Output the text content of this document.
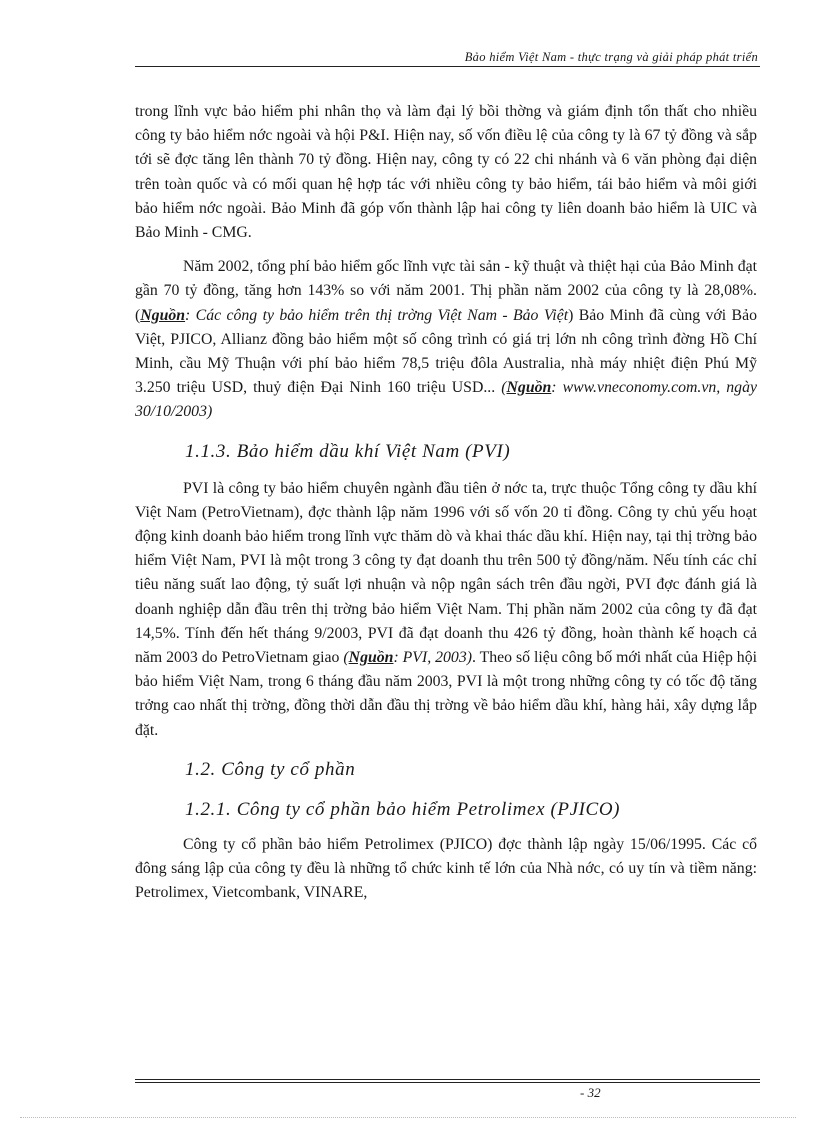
Bảo hiểm Việt Nam - thực trạng và giải pháp phát triển

trong lĩnh vực bảo hiểm phi nhân thọ và làm đại lý bồi thờng và giám định tổn thất cho nhiều công ty bảo hiểm nớc ngoài và hội P&I. Hiện nay, số vốn điều lệ của công ty là 67 tỷ đồng và sắp tới sẽ đợc tăng lên thành 70 tỷ đồng. Hiện nay, công ty có 22 chi nhánh và 6 văn phòng đại diện trên toàn quốc và có mối quan hệ hợp tác với nhiều công ty bảo hiểm, tái bảo hiểm và môi giới bảo hiểm nớc ngoài. Bảo Minh đã góp vốn thành lập hai công ty liên doanh bảo hiểm là UIC và Bảo Minh - CMG.

Năm 2002, tổng phí bảo hiểm gốc lĩnh vực tài sản - kỹ thuật và thiệt hại của Bảo Minh đạt gần 70 tỷ đồng, tăng hơn 143% so với năm 2001. Thị phần năm 2002 của công ty là 28,08%. (Nguồn: Các công ty bảo hiểm trên thị trờng Việt Nam - Bảo Việt) Bảo Minh đã cùng với Bảo Việt, PJICO, Allianz đồng bảo hiểm một số công trình có giá trị lớn nh công trình đờng Hồ Chí Minh, cầu Mỹ Thuận với phí bảo hiểm 78,5 triệu đôla Australia, nhà máy nhiệt điện Phú Mỹ 3.250 triệu USD, thuỷ điện Đại Ninh 160 triệu USD... (Nguồn: www.vneconomy.com.vn, ngày 30/10/2003)

1.1.3. Bảo hiểm dầu khí Việt Nam (PVI)

PVI là công ty bảo hiểm chuyên ngành đầu tiên ở nớc ta, trực thuộc Tổng công ty dầu khí Việt Nam (PetroVietnam), đợc thành lập năm 1996 với số vốn 20 tỉ đồng. Công ty chủ yếu hoạt động kinh doanh bảo hiểm trong lĩnh vực thăm dò và khai thác dầu khí. Hiện nay, tại thị trờng bảo hiểm Việt Nam, PVI là một trong 3 công ty đạt doanh thu trên 500 tỷ đồng/năm. Nếu tính các chỉ tiêu năng suất lao động, tỷ suất lợi nhuận và nộp ngân sách trên đầu ngời, PVI đợc đánh giá là doanh nghiệp dẫn đầu trên thị trờng bảo hiểm Việt Nam. Thị phần năm 2002 của công ty đã đạt 14,5%. Tính đến hết tháng 9/2003, PVI đã đạt doanh thu 426 tỷ đồng, hoàn thành kế hoạch cả năm 2003 do PetroVietnam giao (Nguồn: PVI, 2003). Theo số liệu công bố mới nhất của Hiệp hội bảo hiểm Việt Nam, trong 6 tháng đầu năm 2003, PVI là một trong những công ty có tốc độ tăng trởng cao nhất thị trờng, đồng thời dẫn đầu thị trờng về bảo hiểm dầu khí, hàng hải, xây dựng lắp đặt.

1.2. Công ty cổ phần
1.2.1. Công ty cổ phần bảo hiểm Petrolimex (PJICO)

Công ty cổ phần bảo hiểm Petrolimex (PJICO) đợc thành lập ngày 15/06/1995. Các cổ đông sáng lập của công ty đều là những tổ chức kinh tế lớn của Nhà nớc, có uy tín và tiềm năng: Petrolimex, Vietcombank, VINARE,

- 32
